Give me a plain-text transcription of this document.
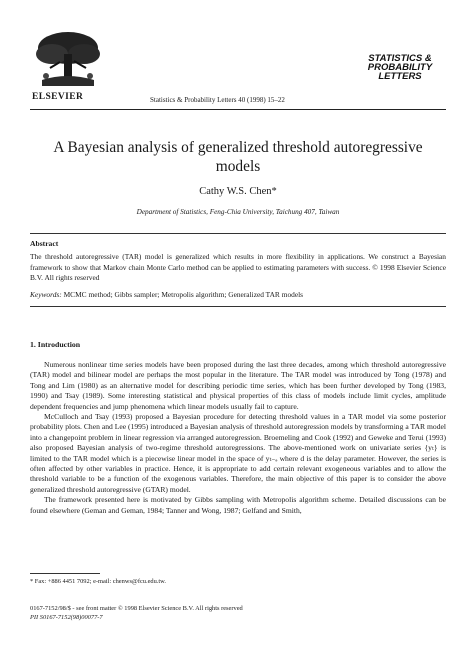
ELSEVIER	Statistics & Probability Letters 40 (1998) 15–22
STATISTICS &
PROBABILITY
LETTERS
A Bayesian analysis of generalized threshold autoregressive models
Cathy W.S. Chen*
Department of Statistics, Feng-Chia University, Taichung 407, Taiwan
Abstract
The threshold autoregressive (TAR) model is generalized which results in more flexibility in applications. We construct a Bayesian framework to show that Markov chain Monte Carlo method can be applied to estimating parameters with success. © 1998 Elsevier Science B.V. All rights reserved
Keywords: MCMC method; Gibbs sampler; Metropolis algorithm; Generalized TAR models
1. Introduction

Numerous nonlinear time series models have been proposed during the last three decades, among which threshold autoregressive (TAR) model and bilinear model are perhaps the most popular in the literature. The TAR model was introduced by Tong (1978) and Tong and Lim (1980) as an alternative model for describing periodic time series, which has been further developed by Tong (1983, 1990) and Tsay (1989). Some interesting statistical and physical properties of this class of models include limit cycles, amplitude dependent frequencies and jump phenomena which linear models usually fail to capture.

McCulloch and Tsay (1993) proposed a Bayesian procedure for detecting threshold values in a TAR model via some posterior probability plots. Chen and Lee (1995) introduced a Bayesian analysis of threshold autoregression models by transforming a TAR model into a changepoint problem in linear regression via arranged autoregression. Broemeling and Cook (1992) and Geweke and Terui (1993) also proposed Bayesian analysis of two-regime threshold autoregressions. The above-mentioned work on univariate series {yₜ} is limited to the TAR model which is a piecewise linear model in the space of yₜ₋ₔ where d is the delay parameter. However, the series is often affected by other variables in practice. Hence, it is appropriate to add certain relevant exogeneous variables and to allow the threshold variable to be a function of the exogenous variables. Therefore, the main objective of this paper is to consider the above generalized threshold autoregressive (GTAR) model.

The framework presented here is motivated by Gibbs sampling with Metropolis algorithm scheme. Detailed discussions can be found elsewhere (Geman and Geman, 1984; Tanner and Wong, 1987; Gelfand and Smith,

* Fax: +886 4451 7092; e-mail: chenws@fcu.edu.tw.
0167-7152/98/$ - see front matter © 1998 Elsevier Science B.V. All rights reserved
PII S0167-7152(98)00077-7
